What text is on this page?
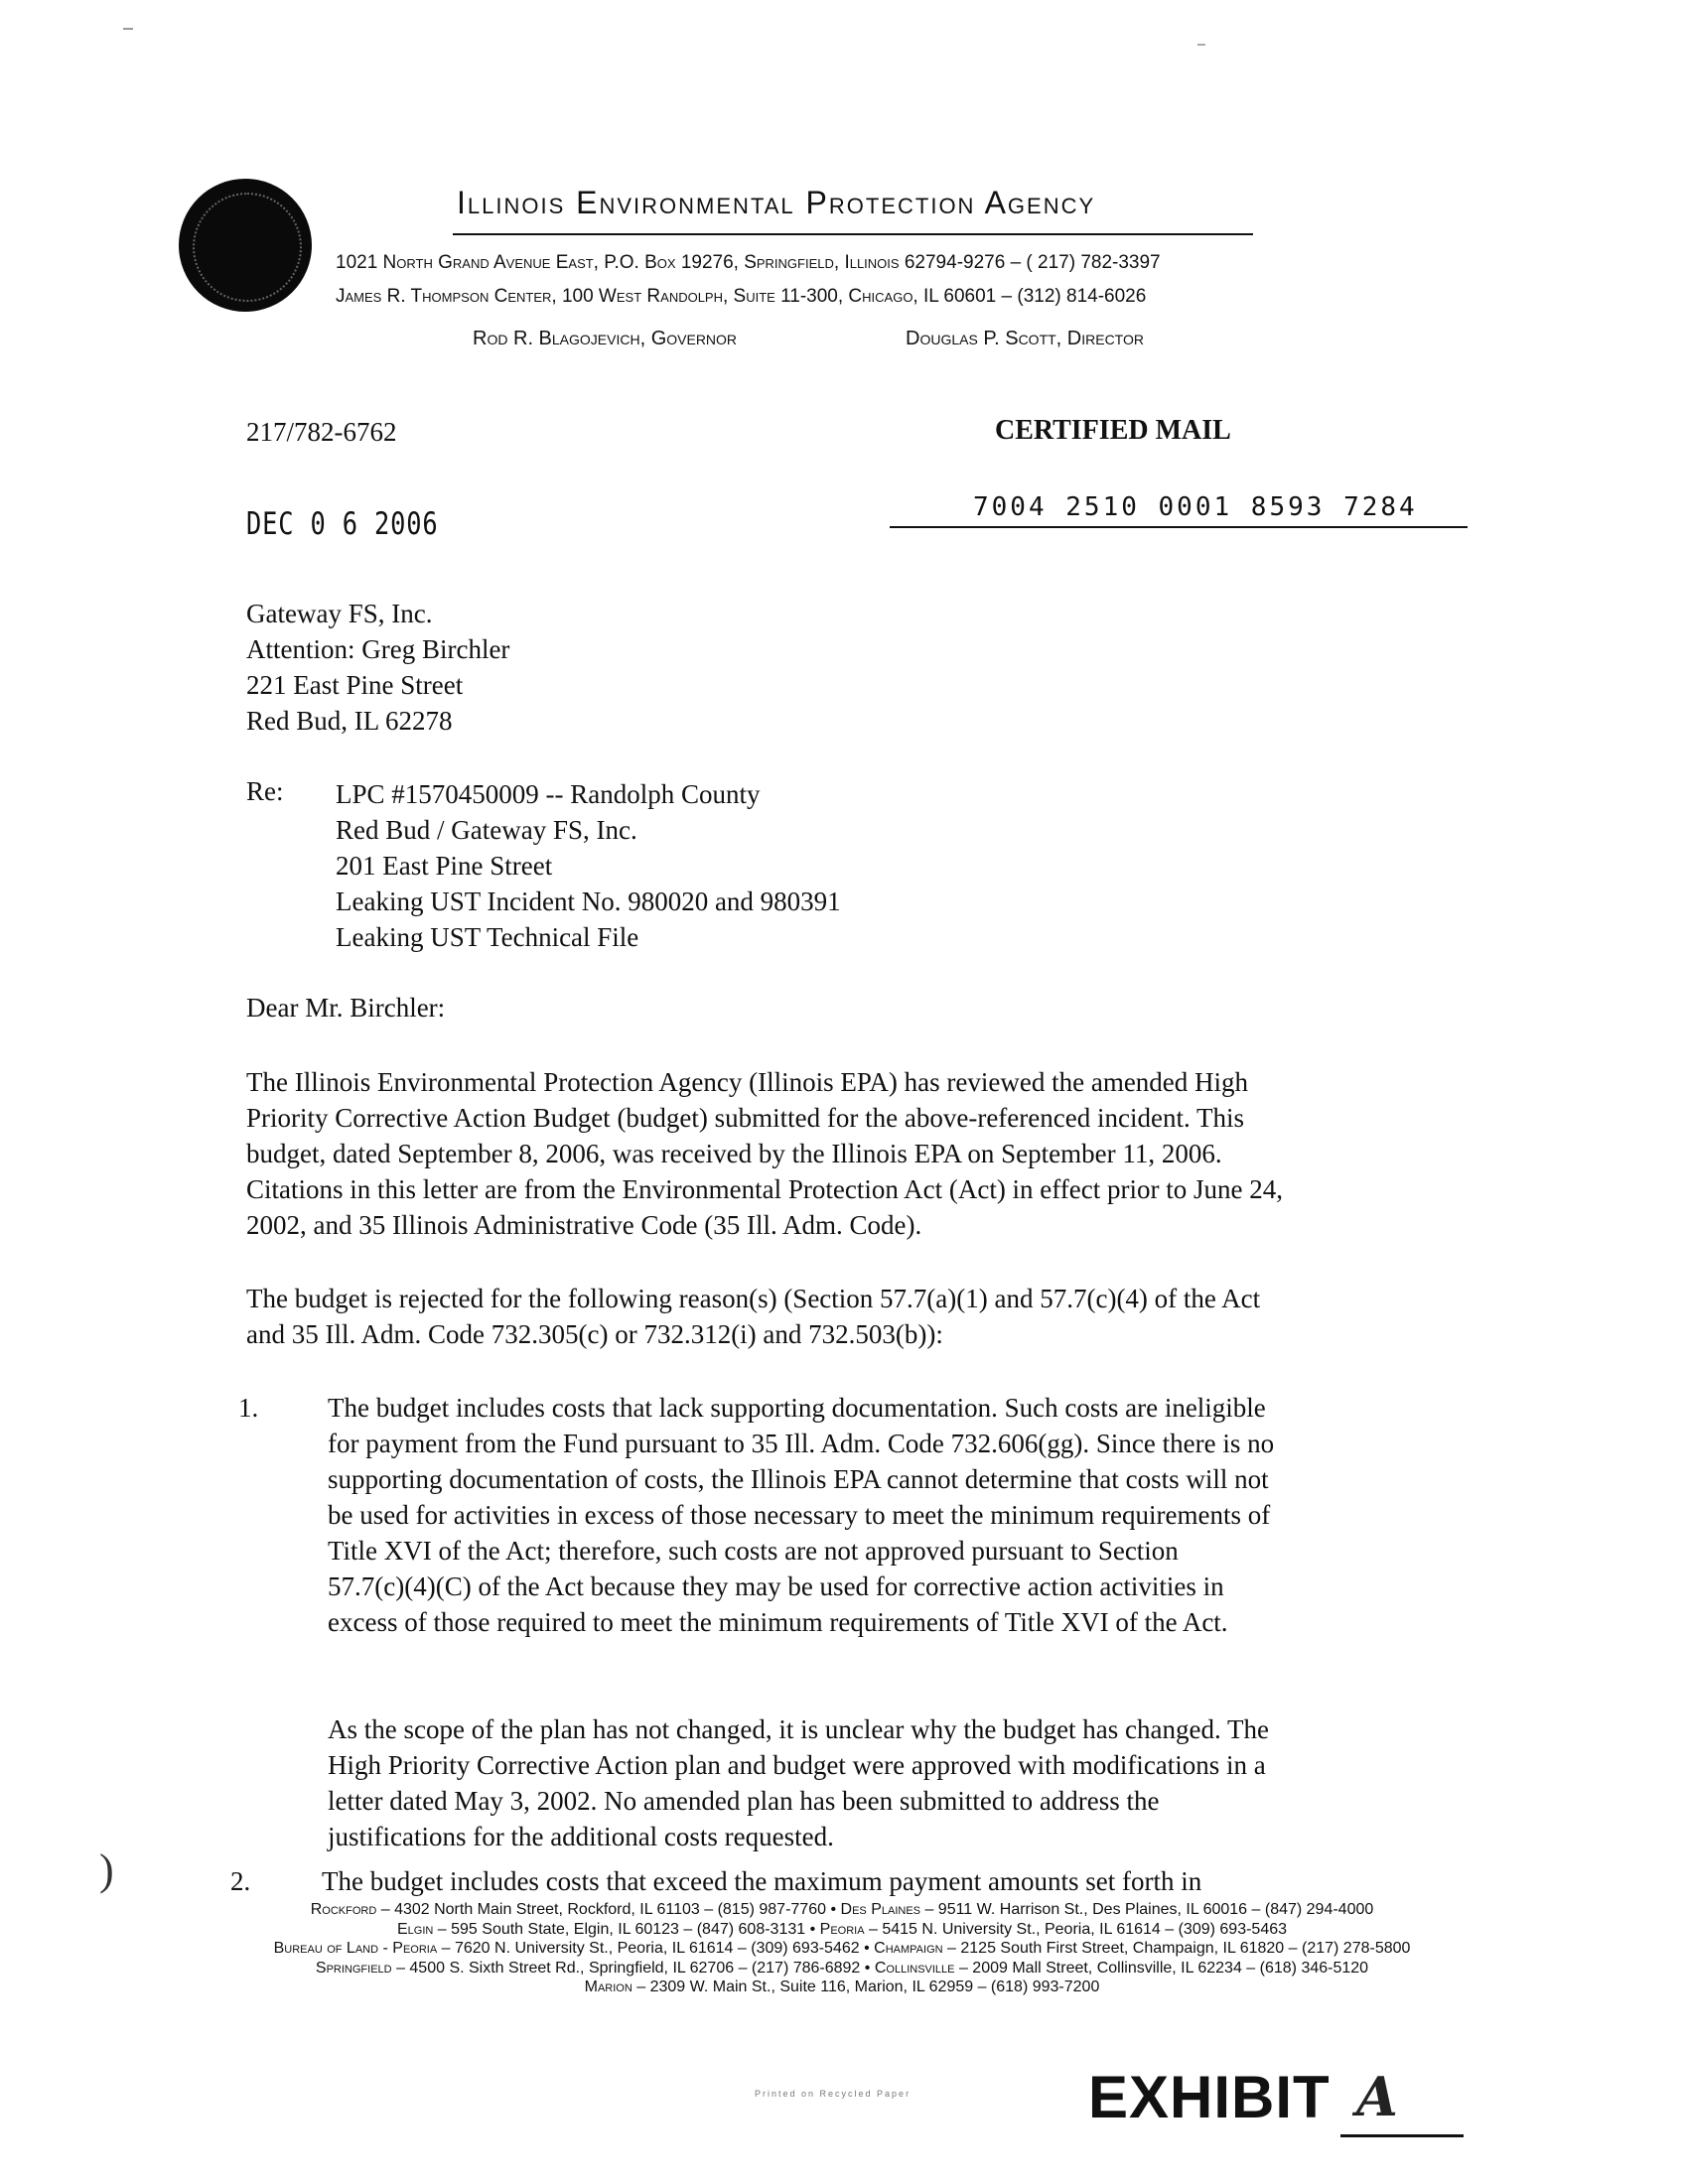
Illinois Environmental Protection Agency
1021 North Grand Avenue East, P.O. Box 19276, Springfield, Illinois 62794-9276 – ( 217) 782-3397
James R. Thompson Center, 100 West Randolph, Suite 11-300, Chicago, IL 60601 – (312) 814-6026
Rod R. Blagojevich, Governor	Douglas P. Scott, Director
217/782-6762	CERTIFIED MAIL
DEC 0 6 2006	7004 2510 0001 8593 7284
Gateway FS, Inc.
Attention: Greg Birchler
221 East Pine Street
Red Bud, IL 62278
Re: LPC #1570450009 -- Randolph County
Red Bud / Gateway FS, Inc.
201 East Pine Street
Leaking UST Incident No. 980020 and 980391
Leaking UST Technical File
Dear Mr. Birchler:
The Illinois Environmental Protection Agency (Illinois EPA) has reviewed the amended High
Priority Corrective Action Budget (budget) submitted for the above-referenced incident. This
budget, dated September 8, 2006, was received by the Illinois EPA on September 11, 2006.
Citations in this letter are from the Environmental Protection Act (Act) in effect prior to June 24,
2002, and 35 Illinois Administrative Code (35 Ill. Adm. Code).
The budget is rejected for the following reason(s) (Section 57.7(a)(1) and 57.7(c)(4) of the Act
and 35 Ill. Adm. Code 732.305(c) or 732.312(i) and 732.503(b)):
1.	The budget includes costs that lack supporting documentation. Such costs are ineligible
for payment from the Fund pursuant to 35 Ill. Adm. Code 732.606(gg). Since there is no
supporting documentation of costs, the Illinois EPA cannot determine that costs will not
be used for activities in excess of those necessary to meet the minimum requirements of
Title XVI of the Act; therefore, such costs are not approved pursuant to Section
57.7(c)(4)(C) of the Act because they may be used for corrective action activities in
excess of those required to meet the minimum requirements of Title XVI of the Act.
As the scope of the plan has not changed, it is unclear why the budget has changed. The
High Priority Corrective Action plan and budget were approved with modifications in a
letter dated May 3, 2002. No amended plan has been submitted to address the
justifications for the additional costs requested.
)	2.	The budget includes costs that exceed the maximum payment amounts set forth in
Rockford – 4302 North Main Street, Rockford, IL 61103 – (815) 987-7760 • Des Plaines – 9511 W. Harrison St., Des Plaines, IL 60016 – (847) 294-4000
Elgin – 595 South State, Elgin, IL 60123 – (847) 608-3131 • Peoria – 5415 N. University St., Peoria, IL 61614 – (309) 693-5463
Bureau of Land - Peoria – 7620 N. University St., Peoria, IL 61614 – (309) 693-5462 • Champaign – 2125 South First Street, Champaign, IL 61820 – (217) 278-5800
Springfield – 4500 S. Sixth Street Rd., Springfield, IL 62706 – (217) 786-6892 • Collinsville – 2009 Mall Street, Collinsville, IL 62234 – (618) 346-5120
Marion – 2309 W. Main St., Suite 116, Marion, IL 62959 – (618) 993-7200
Printed on Recycled Paper	EXHIBIT A
